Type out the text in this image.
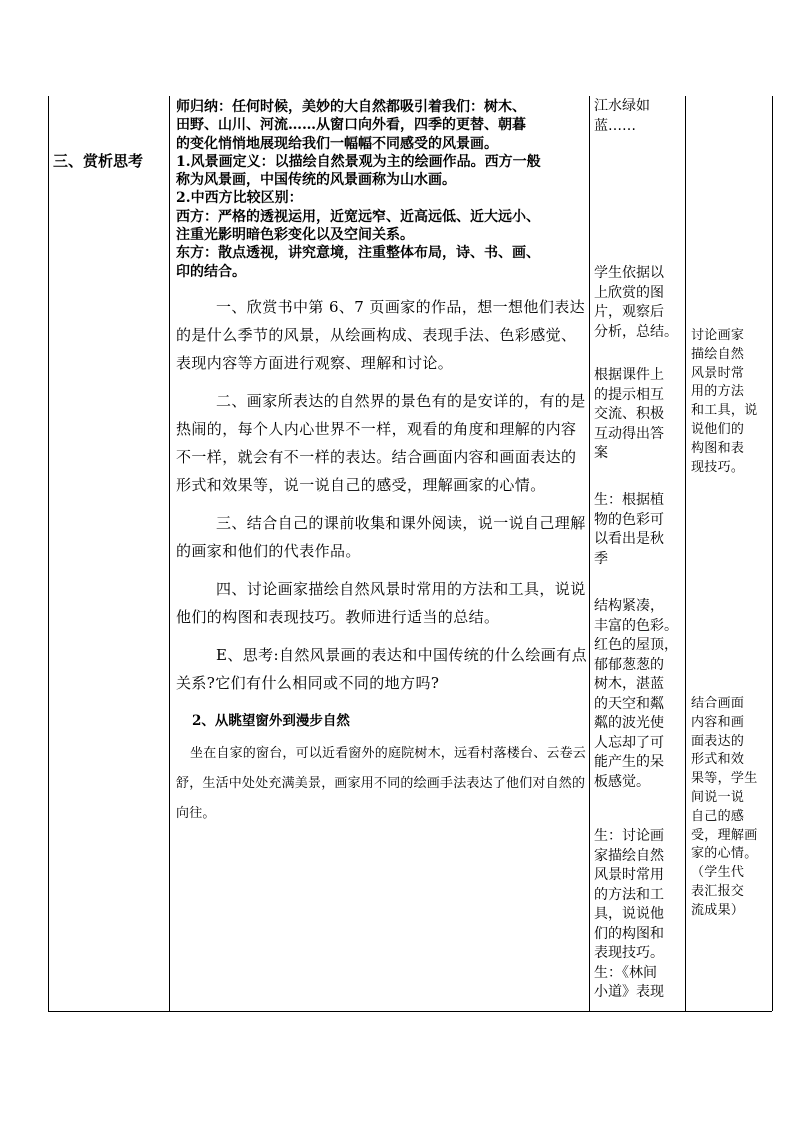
三、赏析思考

师归纳：任何时候，美妙的大自然都吸引着我们：树木、

田野、山川、河流……从窗口向外看，四季的更替、朝暮

的变化悄悄地展现给我们一幅幅不同感受的风景画。

1.风景画定义：以描绘自然景观为主的绘画作品。西方一般

称为风景画，中国传统的风景画称为山水画。

2.中西方比较区别：

西方：严格的透视运用，近宽远窄、近高远低、近大远小、

注重光影明暗色彩变化以及空间关系。

东方：散点透视，讲究意境，注重整体布局，诗、书、画、

印的结合。

一、欣赏书中第 6、7 页画家的作品，想一想他们表达的是什么季节的风景，从绘画构成、表现手法、色彩感觉、表现内容等方面进行观察、理解和讨论。

二、画家所表达的自然界的景色有的是安详的，有的是热闹的，每个人内心世界不一样，观看的角度和理解的内容不一样，就会有不一样的表达。结合画面内容和画面表达的形式和效果等，说一说自己的感受，理解画家的心情。

三、结合自己的课前收集和课外阅读，说一说自己理解的画家和他们的代表作品。

四、讨论画家描绘自然风景时常用的方法和工具，说说他们的构图和表现技巧。教师进行适当的总结。

E、思考:自然风景画的表达和中国传统的什么绘画有点关系?它们有什么相同或不同的地方吗?

2、从眺望窗外到漫步自然

坐在自家的窗台，可以近看窗外的庭院树木，远看村落楼台、云卷云舒，生活中处处充满美景，画家用不同的绘画手法表达了他们对自然的向往。

江水绿如
蓝……
学生依据以
上欣赏的图
片，观察后
分析，总结。
根据课件上
的提示相互
交流、积极
互动得出答
案
生：根据植
物的色彩可
以看出是秋
季
结构紧凑，
丰富的色彩。
红色的屋顶，
郁郁葱葱的
树木，湛蓝
的天空和粼
粼的波光使
人忘却了可
能产生的呆
板感觉。
生：讨论画
家描绘自然
风景时常用
的方法和工
具，说说他
们的构图和
表现技巧。
生：《林间
小道》表现
讨论画家
描绘自然
风景时常
用的方法
和工具，说
说他们的
构图和表
现技巧。
结合画面
内容和画
面表达的
形式和效
果等，学生
间说一说
自己的感
受，理解画
家的心情。
（学生代
表汇报交
流成果）
